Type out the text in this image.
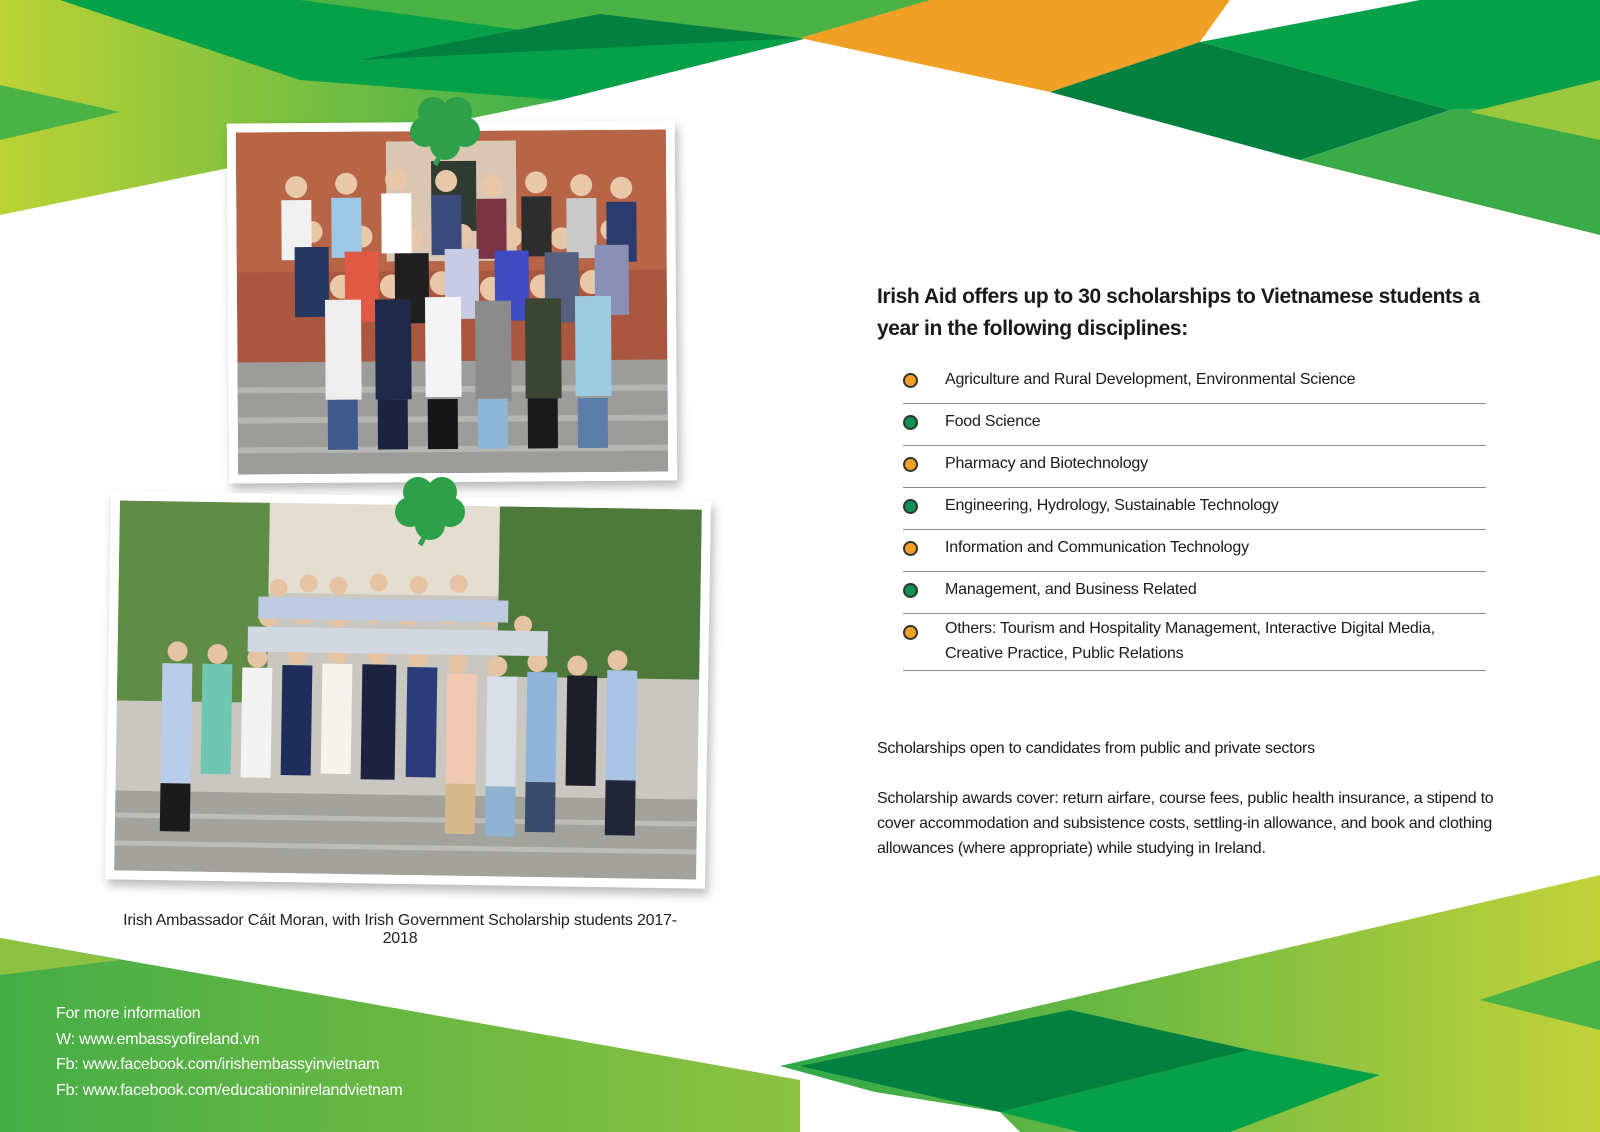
Irish Ambassador Cáit Moran, with Irish Government Scholarship students 2017-2018
Irish Aid offers up to 30 scholarships to Vietnamese students a year in the following disciplines:
Agriculture and Rural Development, Environmental Science
Food Science
Pharmacy and Biotechnology
Engineering, Hydrology, Sustainable Technology
Information and Communication Technology
Management, and Business Related
Others: Tourism and Hospitality Management, Interactive Digital Media, Creative Practice, Public Relations

Scholarships open to candidates from public and private sectors

Scholarship awards cover: return airfare, course fees, public health insurance, a stipend to cover accommodation and subsistence costs, settling-in allowance, and book and clothing allowances (where appropriate) while studying in Ireland.

For more information
W: www.embassyofireland.vn
Fb: www.facebook.com/irishembassyinvietnam
Fb: www.facebook.com/educationinirelandvietnam
